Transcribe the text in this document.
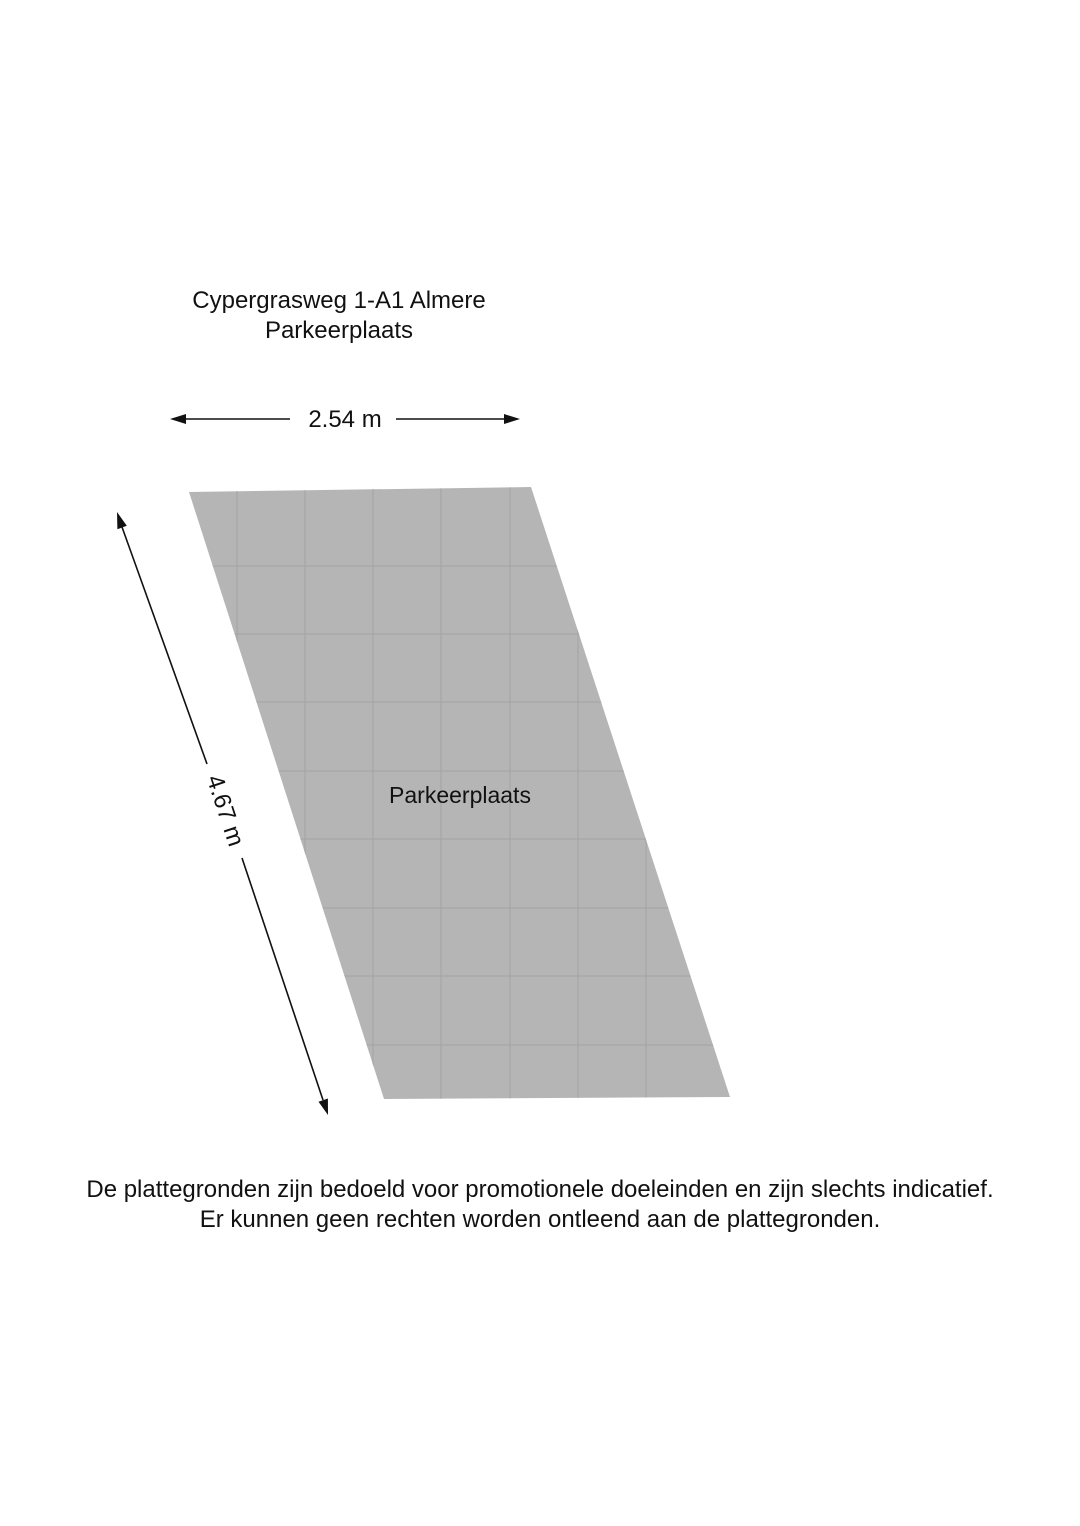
Cypergrasweg 1-A1 Almere
Parkeerplaats
2.54 m
4.67 m	Parkeerplaats
De plattegronden zijn bedoeld voor promotionele doeleinden en zijn slechts indicatief.
Er kunnen geen rechten worden ontleend aan de plattegronden.
